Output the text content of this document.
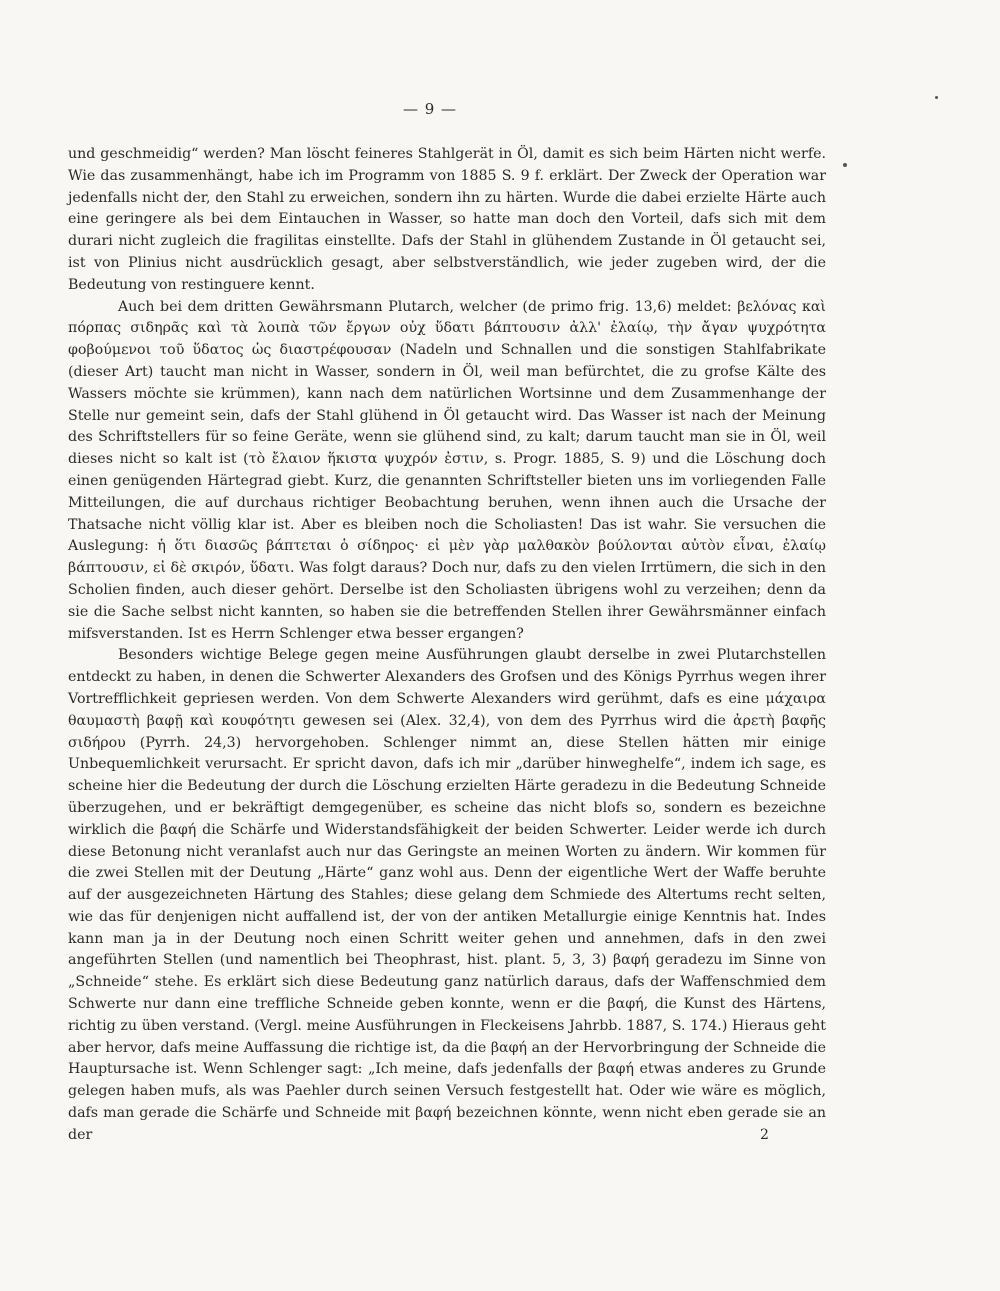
— 9 —

und geschmeidig“ werden? Man löscht feineres Stahlgerät in Öl, damit es sich beim Härten nicht werfe. Wie das zusammenhängt, habe ich im Programm von 1885 S. 9 f. erklärt. Der Zweck der Operation war jedenfalls nicht der, den Stahl zu erweichen, sondern ihn zu härten. Wurde die dabei erzielte Härte auch eine geringere als bei dem Eintauchen in Wasser, so hatte man doch den Vorteil, dafs sich mit dem durari nicht zugleich die fragilitas einstellte. Dafs der Stahl in glühendem Zustande in Öl getaucht sei, ist von Plinius nicht ausdrücklich gesagt, aber selbstverständlich, wie jeder zugeben wird, der die Bedeutung von restinguere kennt.

Auch bei dem dritten Gewährsmann Plutarch, welcher (de primo frig. 13,6) meldet: βελόνας καὶ πόρπας σιδηρᾶς καὶ τὰ λοιπὰ τῶν ἔργων οὐχ ὕδατι βάπτουσιν ἀλλ' ἐλαίῳ, τὴν ἄγαν ψυχρότητα φοβούμενοι τοῦ ὕδατος ὡς διαστρέφουσαν (Nadeln und Schnallen und die sonstigen Stahlfabrikate (dieser Art) taucht man nicht in Wasser, sondern in Öl, weil man befürchtet, die zu grofse Kälte des Wassers möchte sie krümmen), kann nach dem natürlichen Wortsinne und dem Zusammenhange der Stelle nur gemeint sein, dafs der Stahl glühend in Öl getaucht wird. Das Wasser ist nach der Meinung des Schriftstellers für so feine Geräte, wenn sie glühend sind, zu kalt; darum taucht man sie in Öl, weil dieses nicht so kalt ist (τὸ ἔλαιον ἥκιστα ψυχρόν ἐστιν, s. Progr. 1885, S. 9) und die Löschung doch einen genügenden Härtegrad giebt. Kurz, die genannten Schriftsteller bieten uns im vorliegenden Falle Mitteilungen, die auf durchaus richtiger Beobachtung beruhen, wenn ihnen auch die Ursache der Thatsache nicht völlig klar ist. Aber es bleiben noch die Scholiasten! Das ist wahr. Sie versuchen die Auslegung: ἡ ὅτι διασῶς βάπτεται ὁ σίδηρος· εἰ μὲν γὰρ μαλθακὸν βούλονται αὐτὸν εἶναι, ἐλαίῳ βάπτουσιν, εἰ δὲ σκιρόν, ὕδατι. Was folgt daraus? Doch nur, dafs zu den vielen Irrtümern, die sich in den Scholien finden, auch dieser gehört. Derselbe ist den Scholiasten übrigens wohl zu verzeihen; denn da sie die Sache selbst nicht kannten, so haben sie die betreffenden Stellen ihrer Gewährsmänner einfach mifsverstanden. Ist es Herrn Schlenger etwa besser ergangen?

Besonders wichtige Belege gegen meine Ausführungen glaubt derselbe in zwei Plutarchstellen entdeckt zu haben, in denen die Schwerter Alexanders des Grofsen und des Königs Pyrrhus wegen ihrer Vortrefflichkeit gepriesen werden. Von dem Schwerte Alexanders wird gerühmt, dafs es eine μάχαιρα θαυμαστὴ βαφῇ καὶ κουφότητι gewesen sei (Alex. 32,4), von dem des Pyrrhus wird die ἀρετὴ βαφῆς σιδήρου (Pyrrh. 24,3) hervorgehoben. Schlenger nimmt an, diese Stellen hätten mir einige Unbequemlichkeit verursacht. Er spricht davon, dafs ich mir „darüber hinweghelfe“, indem ich sage, es scheine hier die Bedeutung der durch die Löschung erzielten Härte geradezu in die Bedeutung Schneide überzugehen, und er bekräftigt demgegenüber, es scheine das nicht blofs so, sondern es bezeichne wirklich die βαφή die Schärfe und Widerstandsfähigkeit der beiden Schwerter. Leider werde ich durch diese Betonung nicht veranlafst auch nur das Geringste an meinen Worten zu ändern. Wir kommen für die zwei Stellen mit der Deutung „Härte“ ganz wohl aus. Denn der eigentliche Wert der Waffe beruhte auf der ausgezeichneten Härtung des Stahles; diese gelang dem Schmiede des Altertums recht selten, wie das für denjenigen nicht auffallend ist, der von der antiken Metallurgie einige Kenntnis hat. Indes kann man ja in der Deutung noch einen Schritt weiter gehen und annehmen, dafs in den zwei angeführten Stellen (und namentlich bei Theophrast, hist. plant. 5, 3, 3) βαφή geradezu im Sinne von „Schneide“ stehe. Es erklärt sich diese Bedeutung ganz natürlich daraus, dafs der Waffenschmied dem Schwerte nur dann eine treffliche Schneide geben konnte, wenn er die βαφή, die Kunst des Härtens, richtig zu üben verstand. (Vergl. meine Ausführungen in Fleckeisens Jahrbb. 1887, S. 174.) Hieraus geht aber hervor, dafs meine Auffassung die richtige ist, da die βαφή an der Hervorbringung der Schneide die Hauptursache ist. Wenn Schlenger sagt: „Ich meine, dafs jedenfalls der βαφή etwas anderes zu Grunde gelegen haben mufs, als was Paehler durch seinen Versuch festgestellt hat. Oder wie wäre es möglich, dafs man gerade die Schärfe und Schneide mit βαφή bezeichnen könnte, wenn nicht eben gerade sie an der	2
